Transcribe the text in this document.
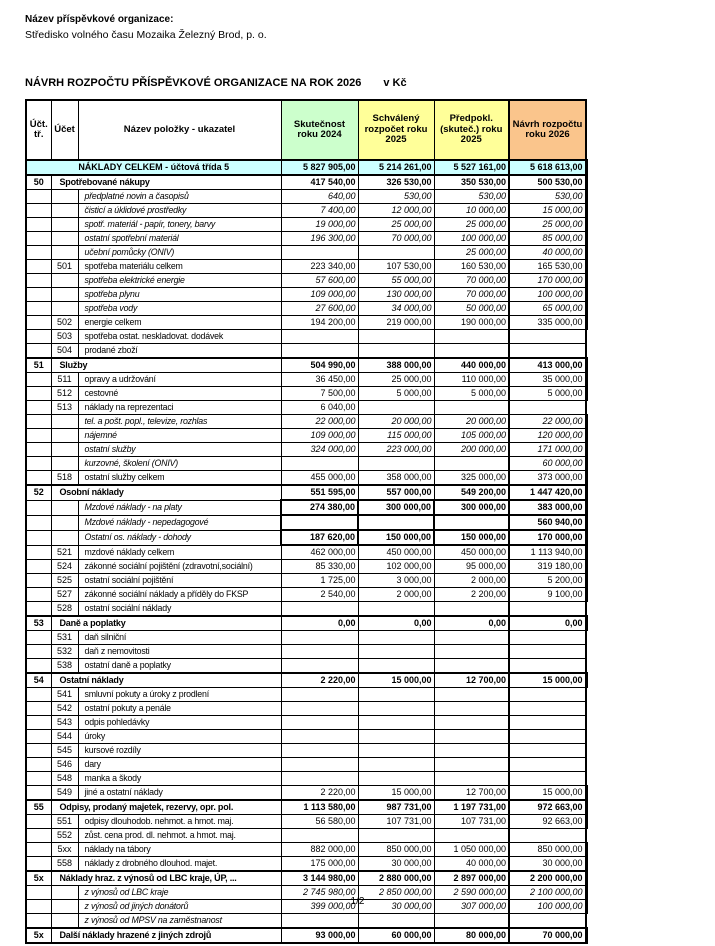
Název příspěvkové organizace:
Středisko volného času Mozaika Železný Brod, p. o.
NÁVRH ROZPOČTU PŘÍSPĚVKOVÉ ORGANIZACE NA ROK 2026 v Kč
Účt. tř.	Účet	Název položky - ukazatel	Skutečnost roku 2024	Schválený rozpočet roku 2025	Předpokl. (skuteč.) roku 2025	Návrh rozpočtu roku 2026
NÁKLADY CELKEM - účtová třída 5			5 827 905,00	5 214 261,00	5 527 161,00	5 618 613,00
50	Spotřebované nákupy		417 540,00	326 530,00	350 530,00	500 530,00
		předplatné novin a časopisů	640,00	530,00	530,00	530,00
		čisticí a úklidové prostředky	7 400,00	12 000,00	10 000,00	15 000,00
		spotř. materiál - papír, tonery, barvy	19 000,00	25 000,00	25 000,00	25 000,00
		ostatní spotřební materiál	196 300,00	70 000,00	100 000,00	85 000,00
		učební pomůcky (ONIV)			25 000,00	40 000,00
	501	spotřeba materiálu celkem	223 340,00	107 530,00	160 530,00	165 530,00
		spotřeba elektrické energie	57 600,00	55 000,00	70 000,00	170 000,00
		spotřeba plynu	109 000,00	130 000,00	70 000,00	100 000,00
		spotřeba vody	27 600,00	34 000,00	50 000,00	65 000,00
	502	energie celkem	194 200,00	219 000,00	190 000,00	335 000,00
	503	spotřeba ostat. neskladovat. dodávek				
	504	prodané zboží				
51	Služby		504 990,00	388 000,00	440 000,00	413 000,00
	511	opravy a udržování	36 450,00	25 000,00	110 000,00	35 000,00
	512	cestovné	7 500,00	5 000,00	5 000,00	5 000,00
	513	náklady na reprezentaci	6 040,00			
		tel. a pošt. popl., televize, rozhlas	22 000,00	20 000,00	20 000,00	22 000,00
		nájemné	109 000,00	115 000,00	105 000,00	120 000,00
		ostatní služby	324 000,00	223 000,00	200 000,00	171 000,00
		kurzovné, školení (ONIV)				60 000,00
	518	ostatní služby celkem	455 000,00	358 000,00	325 000,00	373 000,00
52	Osobní náklady		551 595,00	557 000,00	549 200,00	1 447 420,00
		Mzdové náklady - na platy	274 380,00	300 000,00	300 000,00	383 000,00
		Mzdové náklady - nepedagogové				560 940,00
		Ostatní os. náklady - dohody	187 620,00	150 000,00	150 000,00	170 000,00
	521	mzdové náklady celkem	462 000,00	450 000,00	450 000,00	1 113 940,00
	524	zákonné sociální pojištění (zdravotní,sociální)	85 330,00	102 000,00	95 000,00	319 180,00
	525	ostatní sociální pojištění	1 725,00	3 000,00	2 000,00	5 200,00
	527	zákonné sociální náklady a příděly do FKSP	2 540,00	2 000,00	2 200,00	9 100,00
	528	ostatní sociální náklady				
53	Daně a poplatky		0,00	0,00	0,00	0,00
	531	daň silniční				
	532	daň z nemovitosti				
	538	ostatní daně a poplatky				
54	Ostatní náklady		2 220,00	15 000,00	12 700,00	15 000,00
	541	smluvní pokuty a úroky z prodlení				
	542	ostatní pokuty a penále				
	543	odpis pohledávky				
	544	úroky				
	545	kursové rozdíly				
	546	dary				
	548	manka a škody				
	549	jiné a ostatní náklady	2 220,00	15 000,00	12 700,00	15 000,00
55	Odpisy, prodaný majetek, rezervy, opr. pol.		1 113 580,00	987 731,00	1 197 731,00	972 663,00
	551	odpisy dlouhodob. nehmot. a hmot. maj.	56 580,00	107 731,00	107 731,00	92 663,00
	552	zůst. cena prod. dl. nehmot. a hmot. maj.				
	5xx	náklady na tábory	882 000,00	850 000,00	1 050 000,00	850 000,00
	558	náklady z drobného dlouhod. majet.	175 000,00	30 000,00	40 000,00	30 000,00
5x	Náklady hraz. z výnosů od LBC kraje, ÚP, ...		3 144 980,00	2 880 000,00	2 897 000,00	2 200 000,00
		z výnosů od LBC kraje	2 745 980,00	2 850 000,00	2 590 000,00	2 100 000,00
		z výnosů od jiných donátorů	399 000,00	30 000,00	307 000,00	100 000,00
		z výnosů od MPSV na zaměstnanost				
5x	Další náklady hrazené z jiných zdrojů		93 000,00	60 000,00	80 000,00	70 000,00
1/2
